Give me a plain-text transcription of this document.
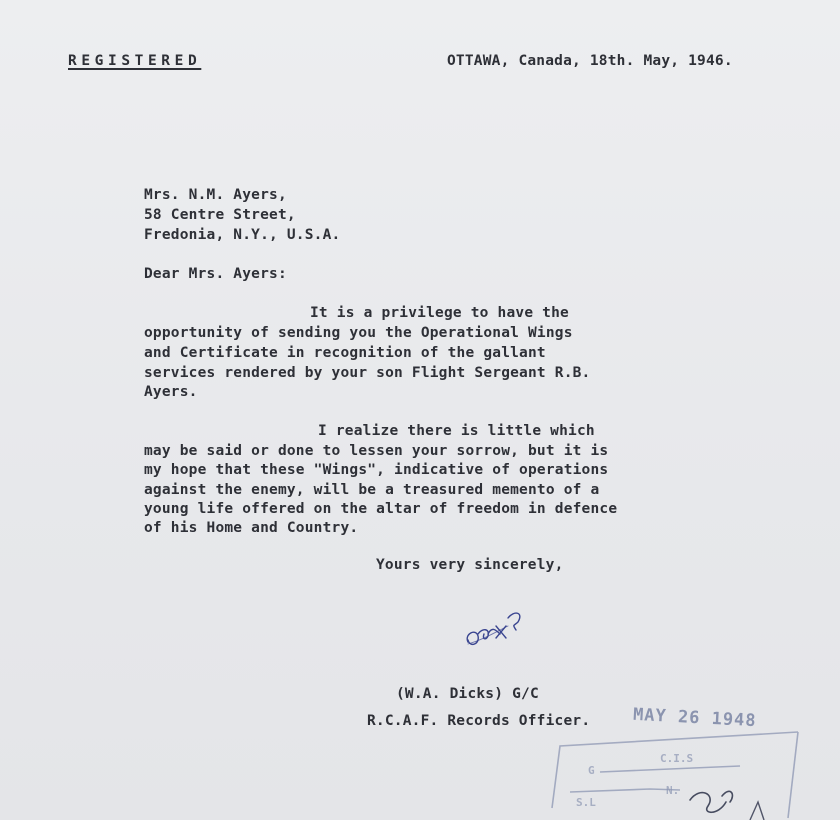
REGISTERED	OTTAWA, Canada, 18th. May, 1946.
Mrs. N.M. Ayers,
58 Centre Street,
Fredonia, N.Y., U.S.A.
Dear Mrs. Ayers:
It is a privilege to have the
opportunity of sending you the Operational Wings
and Certificate in recognition of the gallant
services rendered by your son Flight Sergeant R.B.
Ayers.
I realize there is little which
may be said or done to lessen your sorrow, but it is
my hope that these "Wings", indicative of operations
against the enemy, will be a treasured memento of a
young life offered on the altar of freedom in defence
of his Home and Country.
Yours very sincerely,
(W.A. Dicks) G/C
R.C.A.F. Records Officer.
C.I.S
G
N.
S.L
MAY 26 1948
